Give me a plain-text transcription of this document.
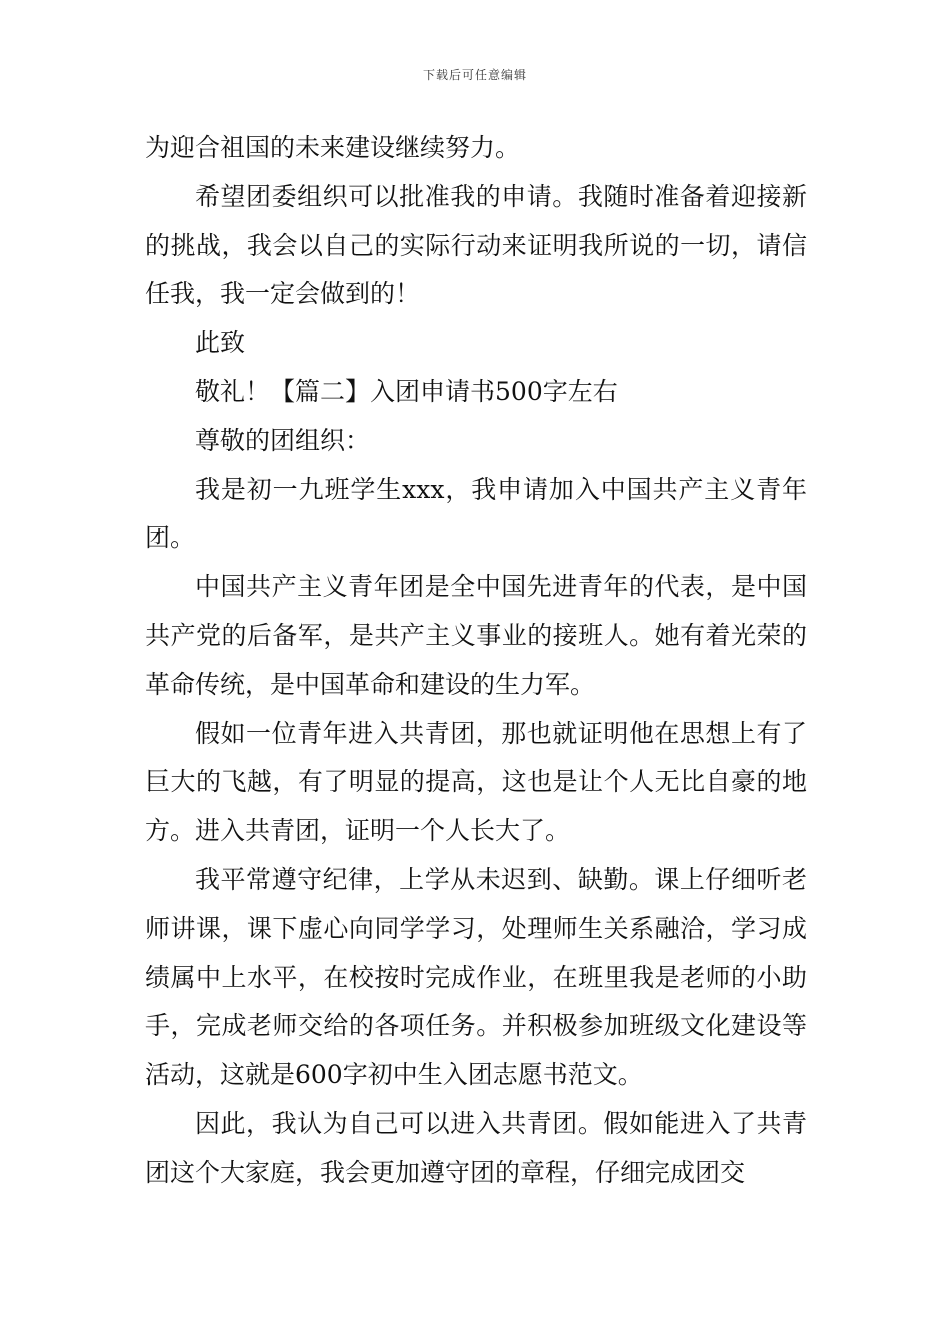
下载后可任意编辑

为迎合祖国的未来建设继续努力。

希望团委组织可以批准我的申请。我随时准备着迎接新的挑战，我会以自己的实际行动来证明我所说的一切，请信任我，我一定会做到的！

此致

敬礼！【篇二】入团申请书500字左右

尊敬的团组织：

我是初一九班学生xxx，我申请加入中国共产主义青年团。

中国共产主义青年团是全中国先进青年的代表，是中国共产党的后备军，是共产主义事业的接班人。她有着光荣的革命传统，是中国革命和建设的生力军。

假如一位青年进入共青团，那也就证明他在思想上有了巨大的飞越，有了明显的提高，这也是让个人无比自豪的地方。进入共青团，证明一个人长大了。

我平常遵守纪律，上学从未迟到、缺勤。课上仔细听老师讲课，课下虚心向同学学习，处理师生关系融洽，学习成绩属中上水平，在校按时完成作业，在班里我是老师的小助手，完成老师交给的各项任务。并积极参加班级文化建设等活动，这就是600字初中生入团志愿书范文。

因此，我认为自己可以进入共青团。假如能进入了共青团这个大家庭，我会更加遵守团的章程，仔细完成团交
